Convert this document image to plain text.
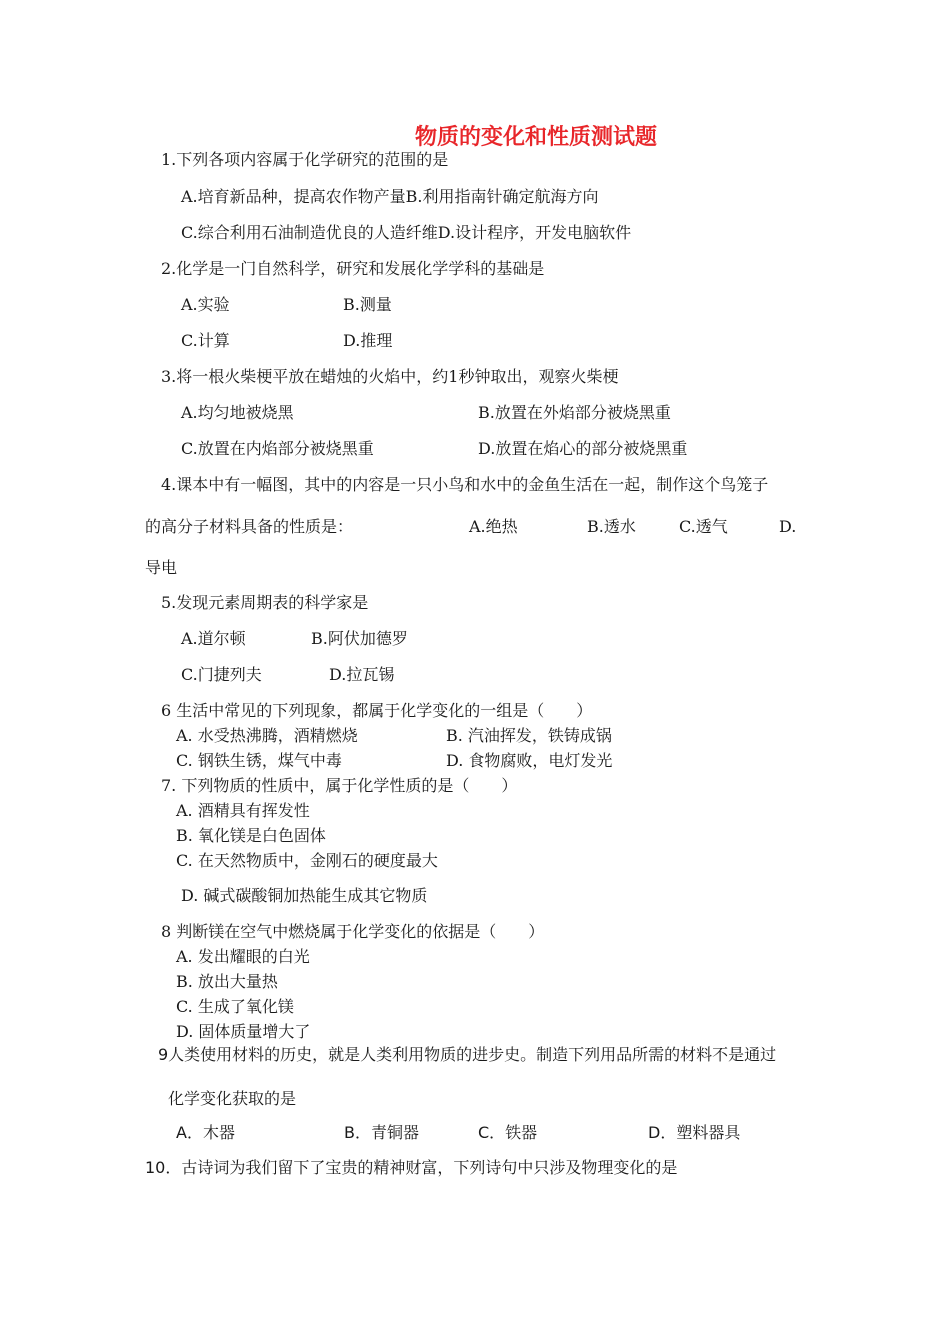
物质的变化和性质测试题
1.下列各项内容属于化学研究的范围的是
A.培育新品种，提高农作物产量B.利用指南针确定航海方向
C.综合利用石油制造优良的人造纤维D.设计程序，开发电脑软件
2.化学是一门自然科学，研究和发展化学学科的基础是
A.实验	B.测量
C.计算	D.推理
3.将一根火柴梗平放在蜡烛的火焰中，约1秒钟取出，观察火柴梗
A.均匀地被烧黑	B.放置在外焰部分被烧黑重
C.放置在内焰部分被烧黑重	D.放置在焰心的部分被烧黑重
4.课本中有一幅图，其中的内容是一只小鸟和水中的金鱼生活在一起，制作这个鸟笼子
的高分子材料具备的性质是：	A.绝热	B.透水	C.透气	D.
导电
5.发现元素周期表的科学家是
A.道尔顿	B.阿伏加德罗
C.门捷列夫	D.拉瓦锡
6 生活中常见的下列现象，都属于化学变化的一组是（　　）
A. 水受热沸腾，酒精燃烧	B. 汽油挥发，铁铸成锅
C. 钢铁生锈，煤气中毒	D. 食物腐败，电灯发光
7. 下列物质的性质中，属于化学性质的是（　　）
A. 酒精具有挥发性
B. 氧化镁是白色固体
C. 在天然物质中，金刚石的硬度最大
D. 碱式碳酸铜加热能生成其它物质
8 判断镁在空气中燃烧属于化学变化的依据是（　　）
A. 发出耀眼的白光
B. 放出大量热
C. 生成了氧化镁
D. 固体质量增大了
9人类使用材料的历史，就是人类利用物质的进步史。制造下列用品所需的材料不是通过
化学变化获取的是
A．木器	B．青铜器	C．铁器	D．塑料器具
10．古诗词为我们留下了宝贵的精神财富，下列诗句中只涉及物理变化的是
